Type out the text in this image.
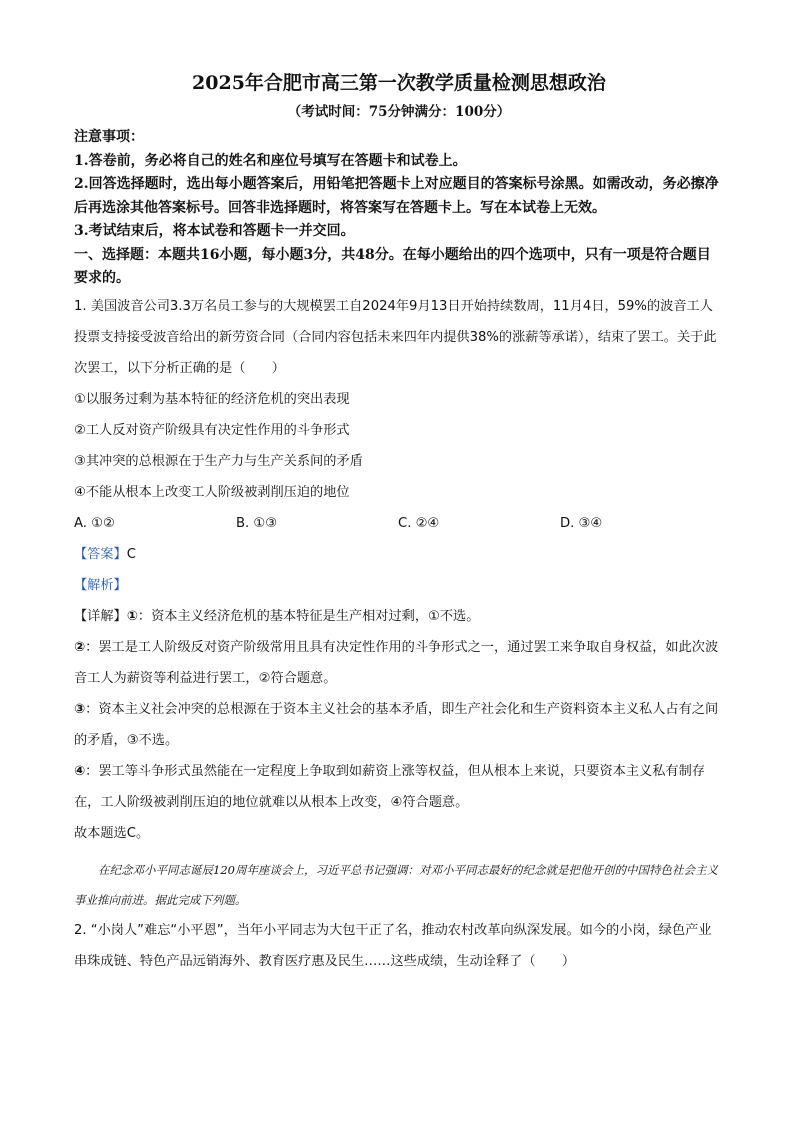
2025年合肥市高三第一次教学质量检测思想政治
（考试时间：75分钟满分：100分）

注意事项：

1.答卷前，务必将自己的姓名和座位号填写在答题卡和试卷上。

2.回答选择题时，选出每小题答案后，用铅笔把答题卡上对应题目的答案标号涂黑。如需改动，务必擦净后再选涂其他答案标号。回答非选择题时，将答案写在答题卡上。写在本试卷上无效。

3.考试结束后，将本试卷和答题卡一并交回。

一、选择题：本题共16小题，每小题3分，共48分。在每小题给出的四个选项中，只有一项是符合题目要求的。

1. 美国波音公司3.3万名员工参与的大规模罢工自2024年9月13日开始持续数周，11月4日，59%的波音工人投票支持接受波音给出的新劳资合同（合同内容包括未来四年内提供38%的涨薪等承诺），结束了罢工。关于此次罢工，以下分析正确的是（　　）

①以服务过剩为基本特征的经济危机的突出表现

②工人反对资产阶级具有决定性作用的斗争形式

③其冲突的总根源在于生产力与生产关系间的矛盾

④不能从根本上改变工人阶级被剥削压迫的地位

A. ①②	B. ①③	C. ②④	D. ③④

【答案】C

【解析】

【详解】①：资本主义经济危机的基本特征是生产相对过剩，①不选。

②：罢工是工人阶级反对资产阶级常用且具有决定性作用的斗争形式之一，通过罢工来争取自身权益，如此次波音工人为薪资等利益进行罢工，②符合题意。

③：资本主义社会冲突的总根源在于资本主义社会的基本矛盾，即生产社会化和生产资料资本主义私人占有之间的矛盾，③不选。

④：罢工等斗争形式虽然能在一定程度上争取到如薪资上涨等权益，但从根本上来说，只要资本主义私有制存在，工人阶级被剥削压迫的地位就难以从根本上改变，④符合题意。

故本题选C。

在纪念邓小平同志诞辰120周年座谈会上，习近平总书记强调：对邓小平同志最好的纪念就是把他开创的中国特色社会主义事业推向前进。据此完成下列题。

2. “小岗人”难忘“小平恩”，当年小平同志为大包干正了名，推动农村改革向纵深发展。如今的小岗，绿色产业串珠成链、特色产品远销海外、教育医疗惠及民生……这些成绩，生动诠释了（　　）
